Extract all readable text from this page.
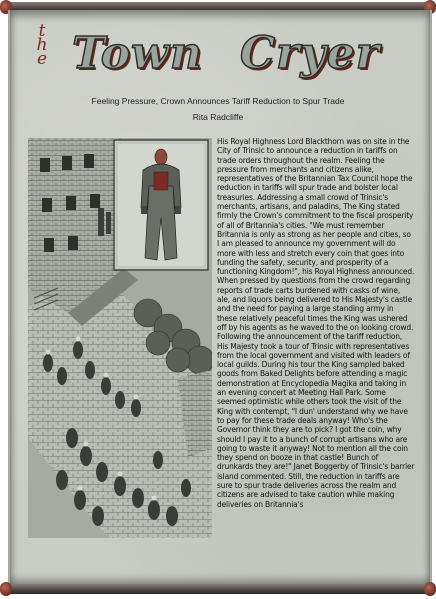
t
h
e Town Cryer
Feeling Pressure, Crown Announces Tariff Reduction to Spur Trade
Rita Radcliffe
His Royal Highness Lord Blackthorn was on site in the City of Trinsic to announce a reduction in tariffs on trade orders throughout the realm. Feeling the pressure from merchants and citizens alike, representatives of the Britannian Tax Council hope the reduction in tariffs will spur trade and bolster local treasuries. Addressing a small crowd of Trinsic's merchants, artisans, and paladins, The King stated firmly the Crown's commitment to the fiscal prosperity of all of Britannia's cities. "We must remember Britannia is only as strong as her people and cities, so I am pleased to announce my government will do more with less and stretch every coin that goes into funding the safety, security, and prosperity of a functioning Kingdom!", his Royal Highness announced. When pressed by questions from the crowd regarding reports of trade carts burdened with casks of wine, ale, and liquors being delivered to His Majesty's castle and the need for paying a large standing army in these relatively peaceful times the King was ushered off by his agents as he waved to the on looking crowd. Following the announcement of the tariff reduction, His Majesty took a tour of Trinsic with representatives from the local government and visited with leaders of local guilds. During his tour the King sampled baked goods from Baked Delights before attending a magic demonstration at Encyclopedia Magika and taking in an evening concert at Meeting Hall Park. Some seemed optimistic while others took the visit of the King with contempt, "I dun' understand why we have to pay for these trade deals anyway! Who's the Governor think they are to pick? I got the coin, why should I pay it to a bunch of corrupt artisans who are going to waste it anyway! Not to mention all the coin they spend on booze in that castle! Bunch of drunkards they are!" Janet Boggerby of Trinsic's barrier island commented. Still, the reduction in tariffs are sure to spur trade deliveries across the realm and citizens are advised to take caution while making deliveries on Britannia's
